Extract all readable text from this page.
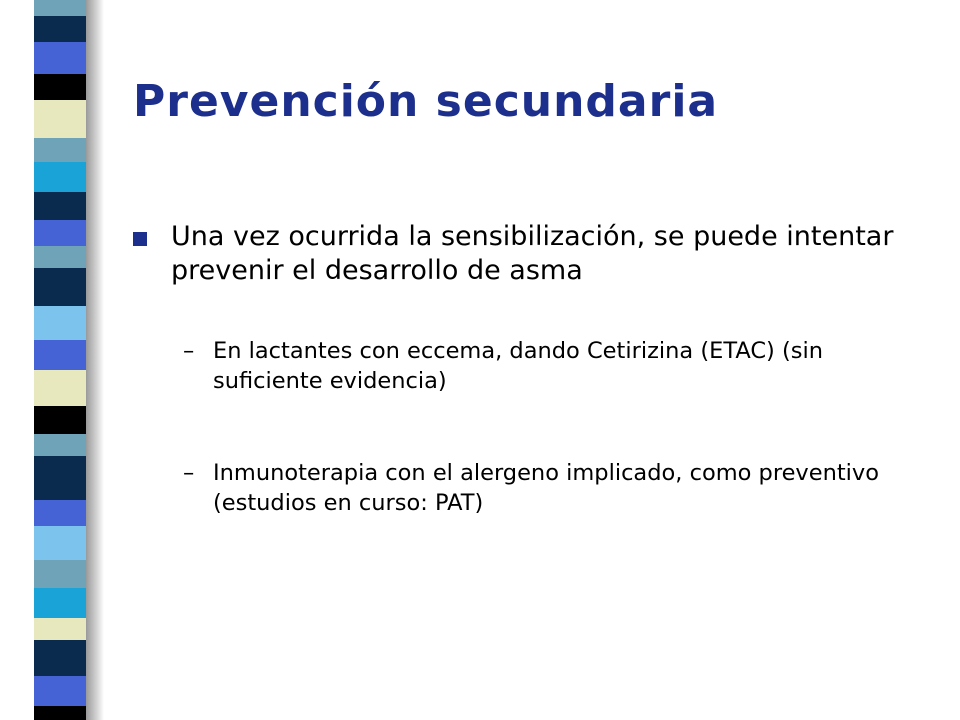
Prevención secundaria
Una vez ocurrida la sensibilización, se puede intentar prevenir el desarrollo de asma
– En lactantes con eccema, dando Cetirizina (ETAC) (sin suficiente evidencia)
– Inmunoterapia con el alergeno implicado, como preventivo (estudios en curso: PAT)
